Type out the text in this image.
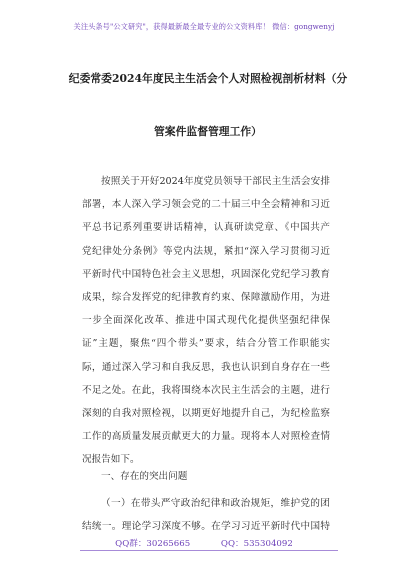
关注头条号"公文研究"，获得最新最全最专业的公文资料库！ 微信：gongwenyj
纪委常委2024年度民主生活会个人对照检视剖析材料（分
管案件监督管理工作）
按照关于开好2024年度党员领导干部民主生活会安排
部署，本人深入学习领会党的二十届三中全会精神和习近
平总书记系列重要讲话精神，认真研读党章、《中国共产
党纪律处分条例》等党内法规，紧扣“深入学习贯彻习近
平新时代中国特色社会主义思想，巩固深化党纪学习教育
成果，综合发挥党的纪律教育约束、保障激励作用，为进
一步全面深化改革、推进中国式现代化提供坚强纪律保
证”主题，聚焦“四个带头”要求，结合分管工作职能实
际，通过深入学习和自我反思，我也认识到自身存在一些
不足之处。在此，我将围绕本次民主生活会的主题，进行
深刻的自我对照检视，以期更好地提升自己，为纪检监察
工作的高质量发展贡献更大的力量。现将本人对照检查情
况报告如下。
一、存在的突出问题
（一）在带头严守政治纪律和政治规矩，维护党的团
结统一。理论学习深度不够。在学习习近平新时代中国特
QQ群：30265665	QQ：535304092
